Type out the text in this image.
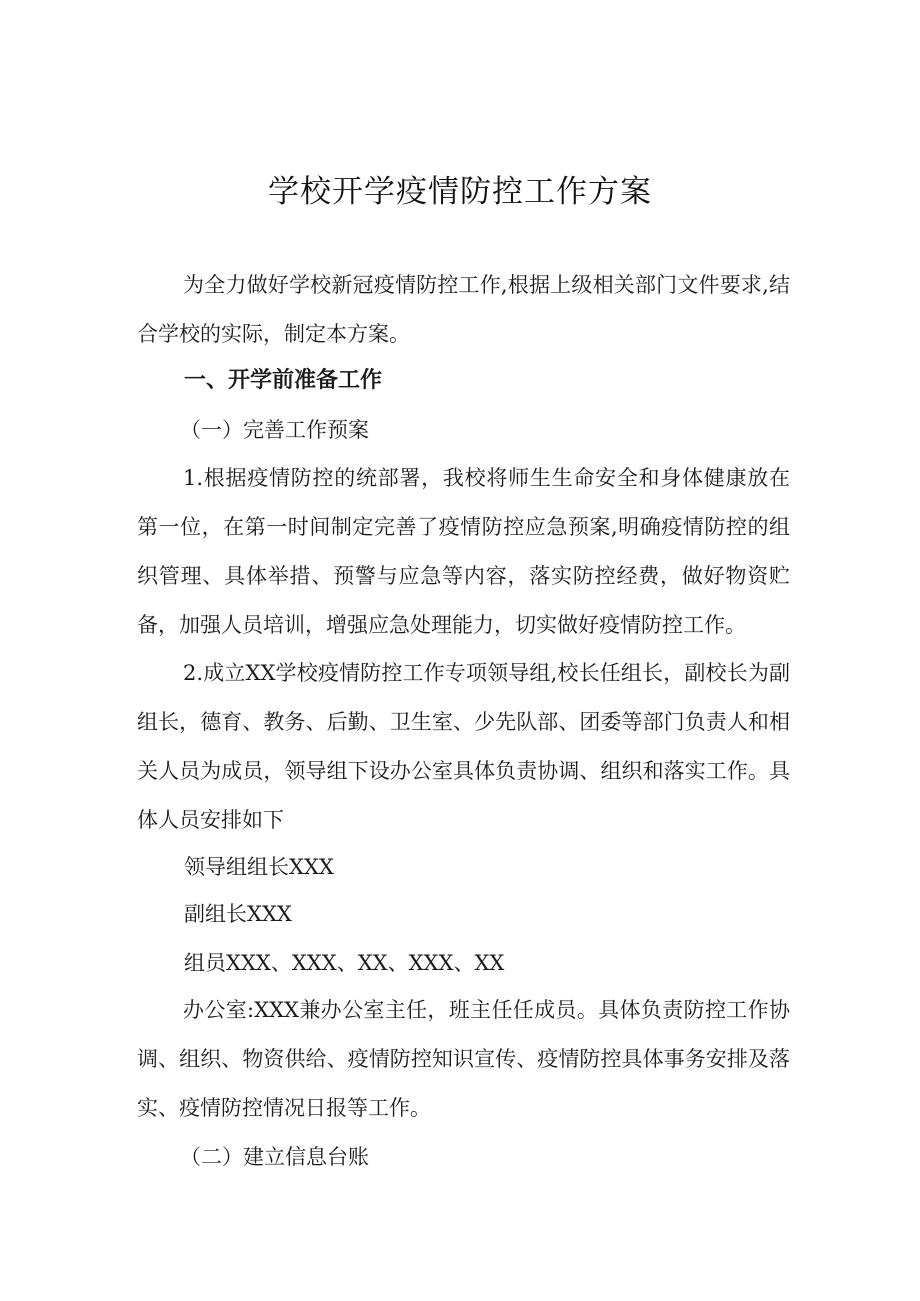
学校开学疫情防控工作方案

为全力做好学校新冠疫情防控工作,根据上级相关部门文件要求,结合学校的实际，制定本方案。

一、开学前准备工作

（一）完善工作预案

1.根据疫情防控的统部署，我校将师生生命安全和身体健康放在第一位，在第一时间制定完善了疫情防控应急预案,明确疫情防控的组织管理、具体举措、预警与应急等内容，落实防控经费，做好物资贮备，加强人员培训，增强应急处理能力，切实做好疫情防控工作。

2.成立XX学校疫情防控工作专项领导组,校长任组长，副校长为副组长，德育、教务、后勤、卫生室、少先队部、团委等部门负责人和相关人员为成员，领导组下设办公室具体负责协调、组织和落实工作。具体人员安排如下

领导组组长XXX

副组长XXX

组员XXX、XXX、XX、XXX、XX

办公室:XXX兼办公室主任，班主任任成员。具体负责防控工作协调、组织、物资供给、疫情防控知识宣传、疫情防控具体事务安排及落实、疫情防控情况日报等工作。

（二）建立信息台账
